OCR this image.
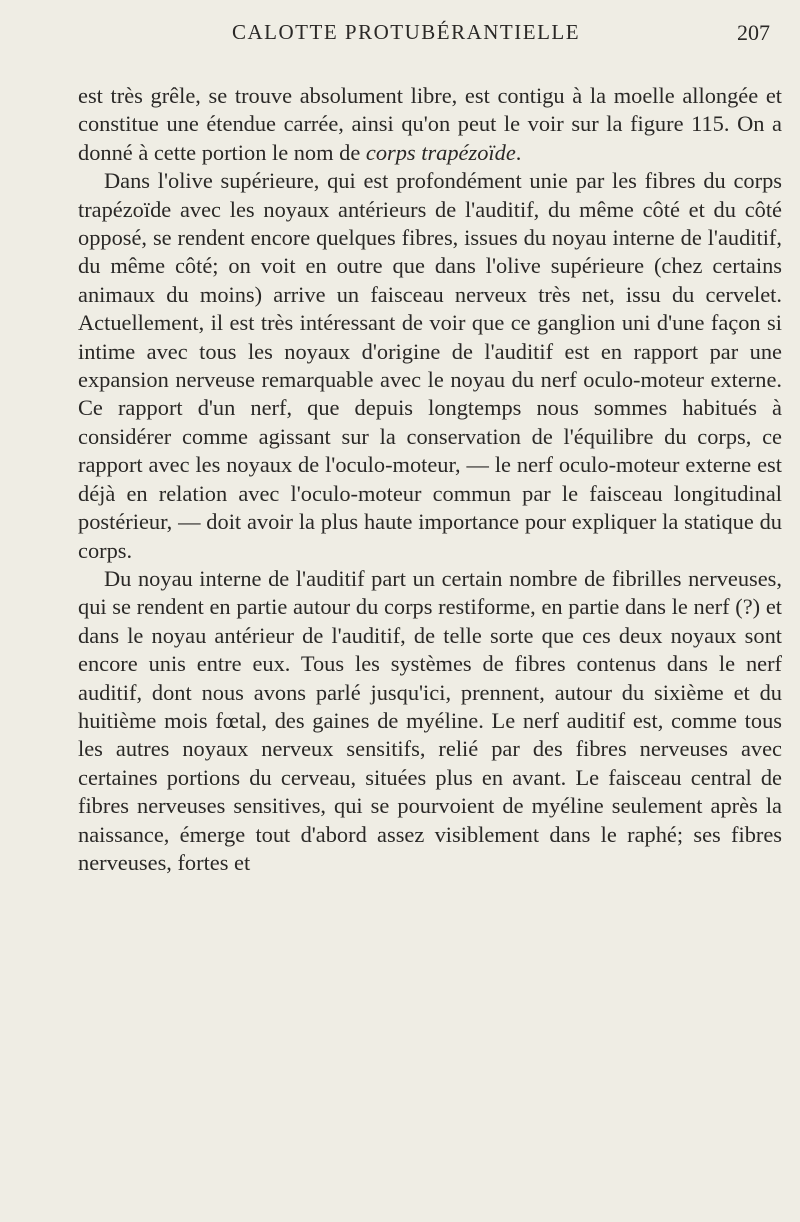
CALOTTE PROTUBÉRANTIELLE	207

est très grêle, se trouve absolument libre, est contigu à la moelle allongée et constitue une étendue carrée, ainsi qu'on peut le voir sur la figure 115. On a donné à cette portion le nom de corps trapézoïde.

Dans l'olive supérieure, qui est profondément unie par les fibres du corps trapézoïde avec les noyaux antérieurs de l'auditif, du même côté et du côté opposé, se rendent encore quelques fibres, issues du noyau interne de l'auditif, du même côté; on voit en outre que dans l'olive supérieure (chez certains animaux du moins) arrive un faisceau nerveux très net, issu du cervelet. Actuellement, il est très intéressant de voir que ce ganglion uni d'une façon si intime avec tous les noyaux d'origine de l'auditif est en rapport par une expansion nerveuse remarquable avec le noyau du nerf oculo-moteur externe. Ce rapport d'un nerf, que depuis longtemps nous sommes habitués à considérer comme agissant sur la conservation de l'équilibre du corps, ce rapport avec les noyaux de l'oculo-moteur, — le nerf oculo-moteur externe est déjà en relation avec l'oculo-moteur commun par le faisceau longitudinal postérieur, — doit avoir la plus haute importance pour expliquer la statique du corps.

Du noyau interne de l'auditif part un certain nombre de fibrilles nerveuses, qui se rendent en partie autour du corps restiforme, en partie dans le nerf (?) et dans le noyau antérieur de l'auditif, de telle sorte que ces deux noyaux sont encore unis entre eux. Tous les systèmes de fibres contenus dans le nerf auditif, dont nous avons parlé jusqu'ici, prennent, autour du sixième et du huitième mois fœtal, des gaines de myéline. Le nerf auditif est, comme tous les autres noyaux nerveux sensitifs, relié par des fibres nerveuses avec certaines portions du cerveau, situées plus en avant. Le faisceau central de fibres nerveuses sensitives, qui se pourvoient de myéline seulement après la naissance, émerge tout d'abord assez visiblement dans le raphé; ses fibres nerveuses, fortes et
